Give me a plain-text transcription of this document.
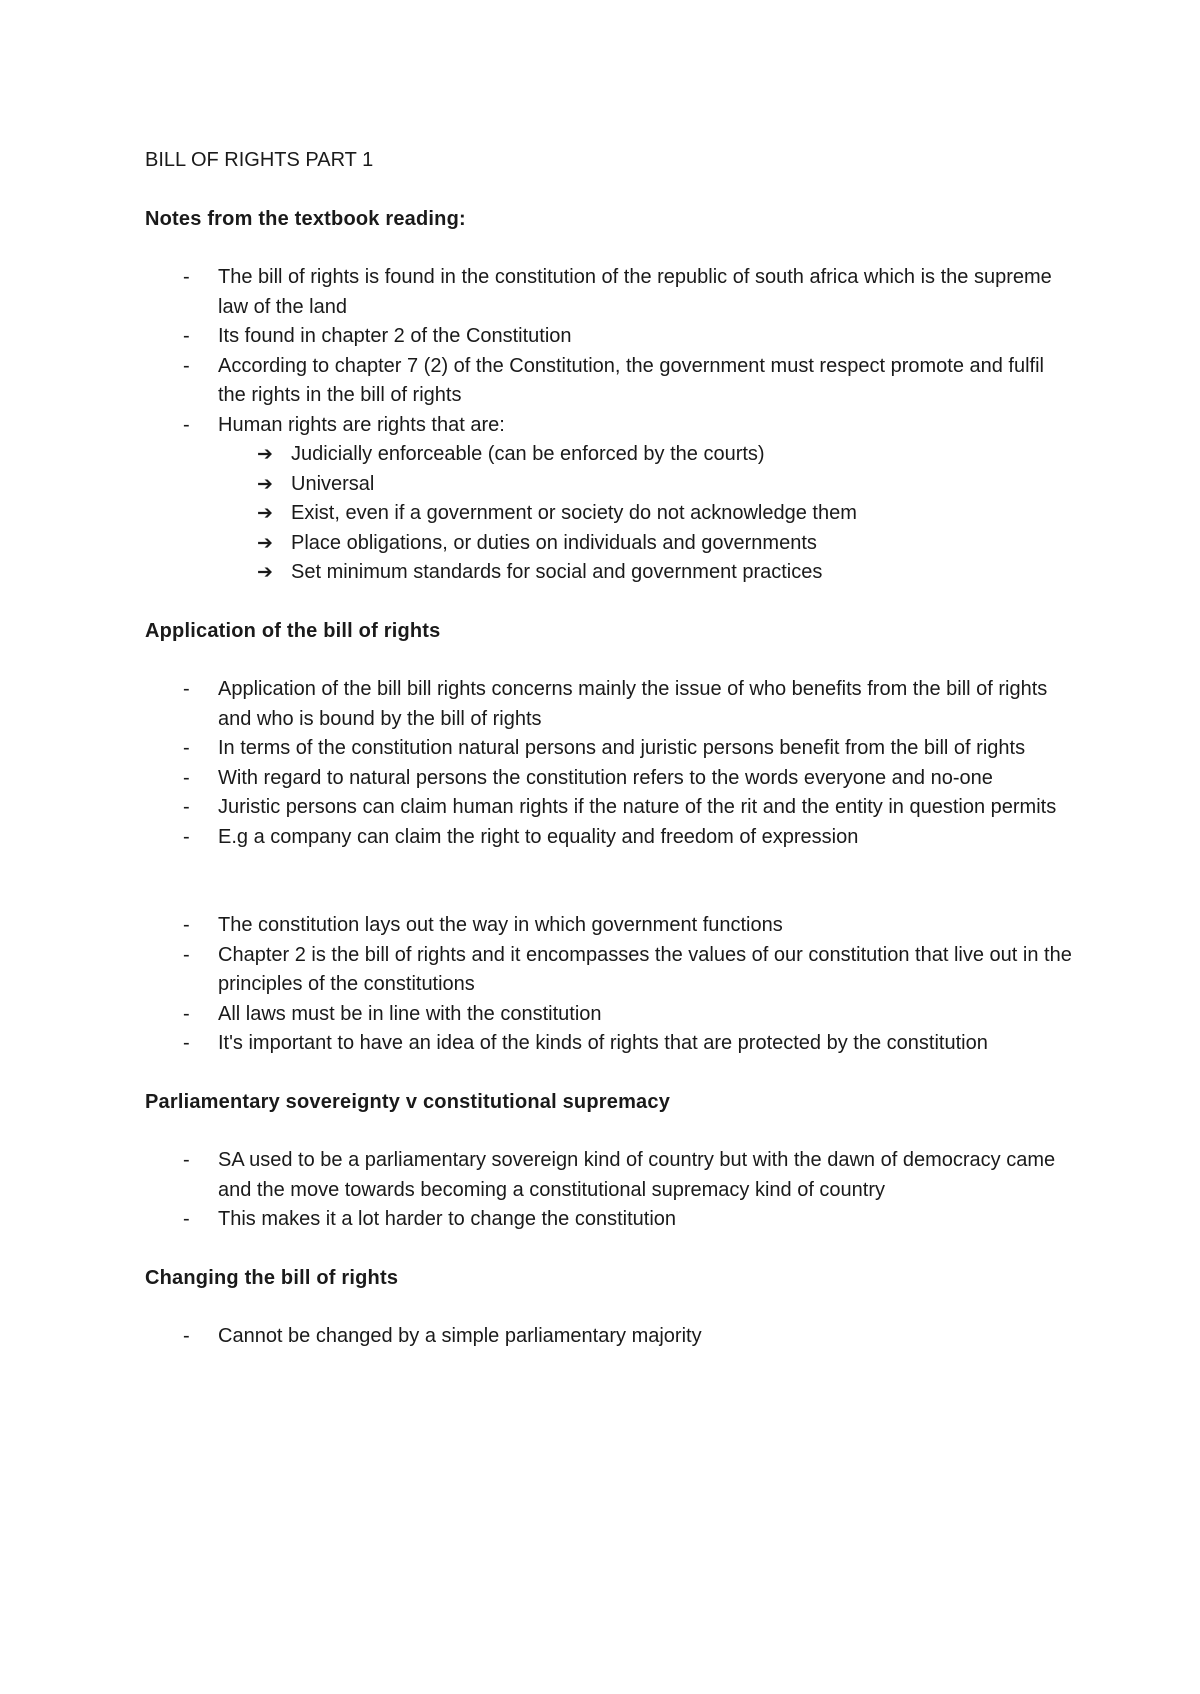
BILL OF RIGHTS PART 1
Notes from the textbook reading:
- The bill of rights is found in the constitution of the republic of south africa which is the supreme law of the land
- Its found in chapter 2 of the Constitution
- According to chapter 7 (2) of the Constitution, the government must respect promote and fulfil the rights in the bill of rights
- Human rights are rights that are:
➔ Judicially enforceable (can be enforced by the courts)
➔ Universal
➔ Exist, even if a government or society do not acknowledge them
➔ Place obligations, or duties on individuals and governments
➔ Set minimum standards for social and government practices
Application of the bill of rights
- Application of the bill bill rights concerns mainly the issue of who benefits from the bill of rights and who is bound by the bill of rights
- In terms of the constitution natural persons and juristic persons benefit from the bill of rights
- With regard to natural persons the constitution refers to the words everyone and no-one
- Juristic persons can claim human rights if the nature of the rit and the entity in question permits
- E.g a company can claim the right to equality and freedom of expression
- The constitution lays out the way in which government functions
- Chapter 2 is the bill of rights and it encompasses the values of our constitution that live out in the principles of the constitutions
- All laws must be in line with the constitution
- It's important to have an idea of the kinds of rights that are protected by the constitution
Parliamentary sovereignty v constitutional supremacy
- SA used to be a parliamentary sovereign kind of country but with the dawn of democracy came and the move towards becoming a constitutional supremacy kind of country
- This makes it a lot harder to change the constitution
Changing the bill of rights
- Cannot be changed by a simple parliamentary majority
